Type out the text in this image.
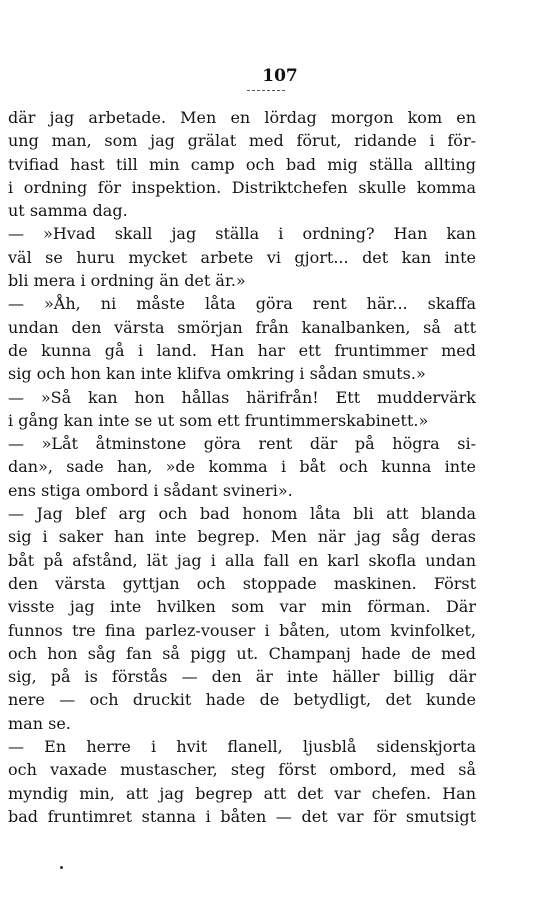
107
där jag arbetade. Men en lördag morgon kom en
ung man, som jag grälat med förut, ridande i för-
tvifiad hast till min camp och bad mig ställa allting
i ordning för inspektion. Distriktchefen skulle komma
ut samma dag.
— »Hvad skall jag ställa i ordning? Han kan
väl se huru mycket arbete vi gjort... det kan inte
bli mera i ordning än det är.»
— »Åh, ni måste låta göra rent här... skaffa
undan den värsta smörjan från kanalbanken, så att
de kunna gå i land. Han har ett fruntimmer med
sig och hon kan inte klifva omkring i sådan smuts.»
— »Så kan hon hållas härifrån! Ett muddervärk
i gång kan inte se ut som ett fruntimmerskabinett.»
— »Låt åtminstone göra rent där på högra si-
dan», sade han, »de komma i båt och kunna inte
ens stiga ombord i sådant svineri».
— Jag blef arg och bad honom låta bli att blanda
sig i saker han inte begrep. Men när jag såg deras
båt på afstånd, lät jag i alla fall en karl skofla undan
den värsta gyttjan och stoppade maskinen. Först
visste jag inte hvilken som var min förman. Där
funnos tre fina parlez-vouser i båten, utom kvinfolket,
och hon såg fan så pigg ut. Champanj hade de med
sig, på is förstås — den är inte häller billig där
nere — och druckit hade de betydligt, det kunde
man se.
— En herre i hvit flanell, ljusblå sidenskjorta
och vaxade mustascher, steg först ombord, med så
myndig min, att jag begrep att det var chefen. Han
bad fruntimret stanna i båten — det var för smutsigt
